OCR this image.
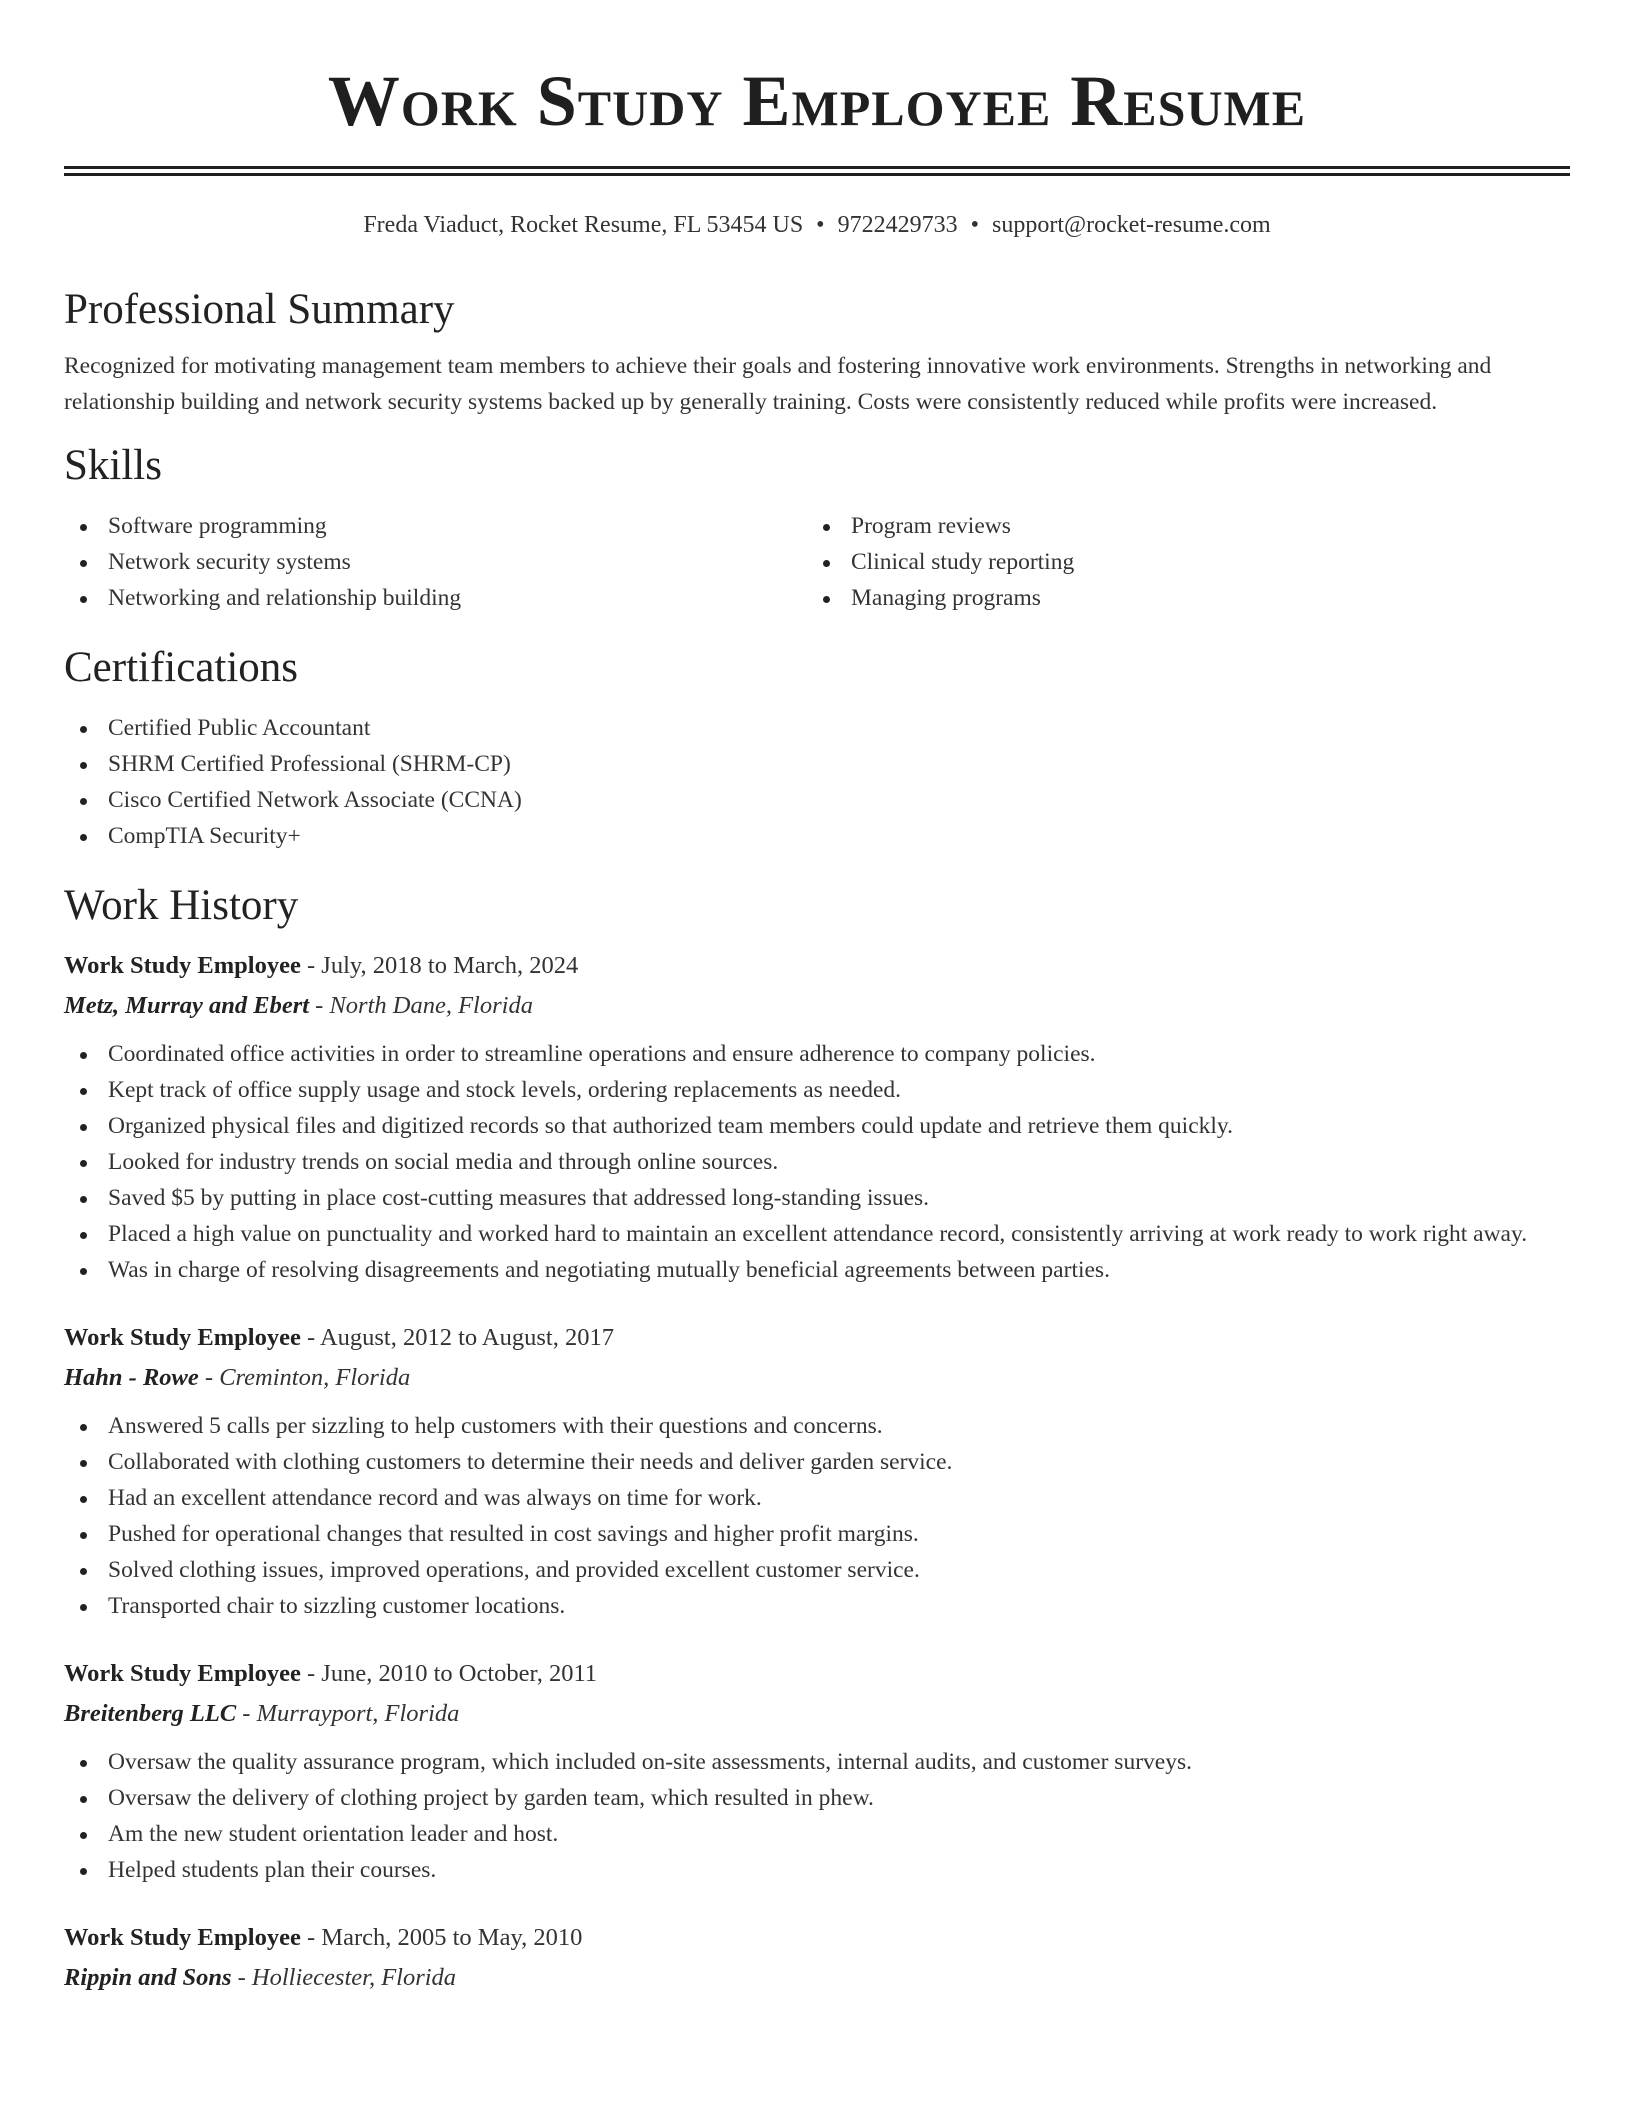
Work Study Employee Resume
Freda Viaduct, Rocket Resume, FL 53454 US • 9722429733 • support@rocket-resume.com
Professional Summary
Recognized for motivating management team members to achieve their goals and fostering innovative work environments. Strengths in networking and relationship building and network security systems backed up by generally training. Costs were consistently reduced while profits were increased.
Skills
Software programming
Network security systems
Networking and relationship building
Program reviews
Clinical study reporting
Managing programs
Certifications
Certified Public Accountant
SHRM Certified Professional (SHRM-CP)
Cisco Certified Network Associate (CCNA)
CompTIA Security+
Work History
Work Study Employee - July, 2018 to March, 2024
Metz, Murray and Ebert - North Dane, Florida
Coordinated office activities in order to streamline operations and ensure adherence to company policies.
Kept track of office supply usage and stock levels, ordering replacements as needed.
Organized physical files and digitized records so that authorized team members could update and retrieve them quickly.
Looked for industry trends on social media and through online sources.
Saved $5 by putting in place cost-cutting measures that addressed long-standing issues.
Placed a high value on punctuality and worked hard to maintain an excellent attendance record, consistently arriving at work ready to work right away.
Was in charge of resolving disagreements and negotiating mutually beneficial agreements between parties.
Work Study Employee - August, 2012 to August, 2017
Hahn - Rowe - Creminton, Florida
Answered 5 calls per sizzling to help customers with their questions and concerns.
Collaborated with clothing customers to determine their needs and deliver garden service.
Had an excellent attendance record and was always on time for work.
Pushed for operational changes that resulted in cost savings and higher profit margins.
Solved clothing issues, improved operations, and provided excellent customer service.
Transported chair to sizzling customer locations.
Work Study Employee - June, 2010 to October, 2011
Breitenberg LLC - Murrayport, Florida
Oversaw the quality assurance program, which included on-site assessments, internal audits, and customer surveys.
Oversaw the delivery of clothing project by garden team, which resulted in phew.
Am the new student orientation leader and host.
Helped students plan their courses.
Work Study Employee - March, 2005 to May, 2010
Rippin and Sons - Holliecester, Florida
